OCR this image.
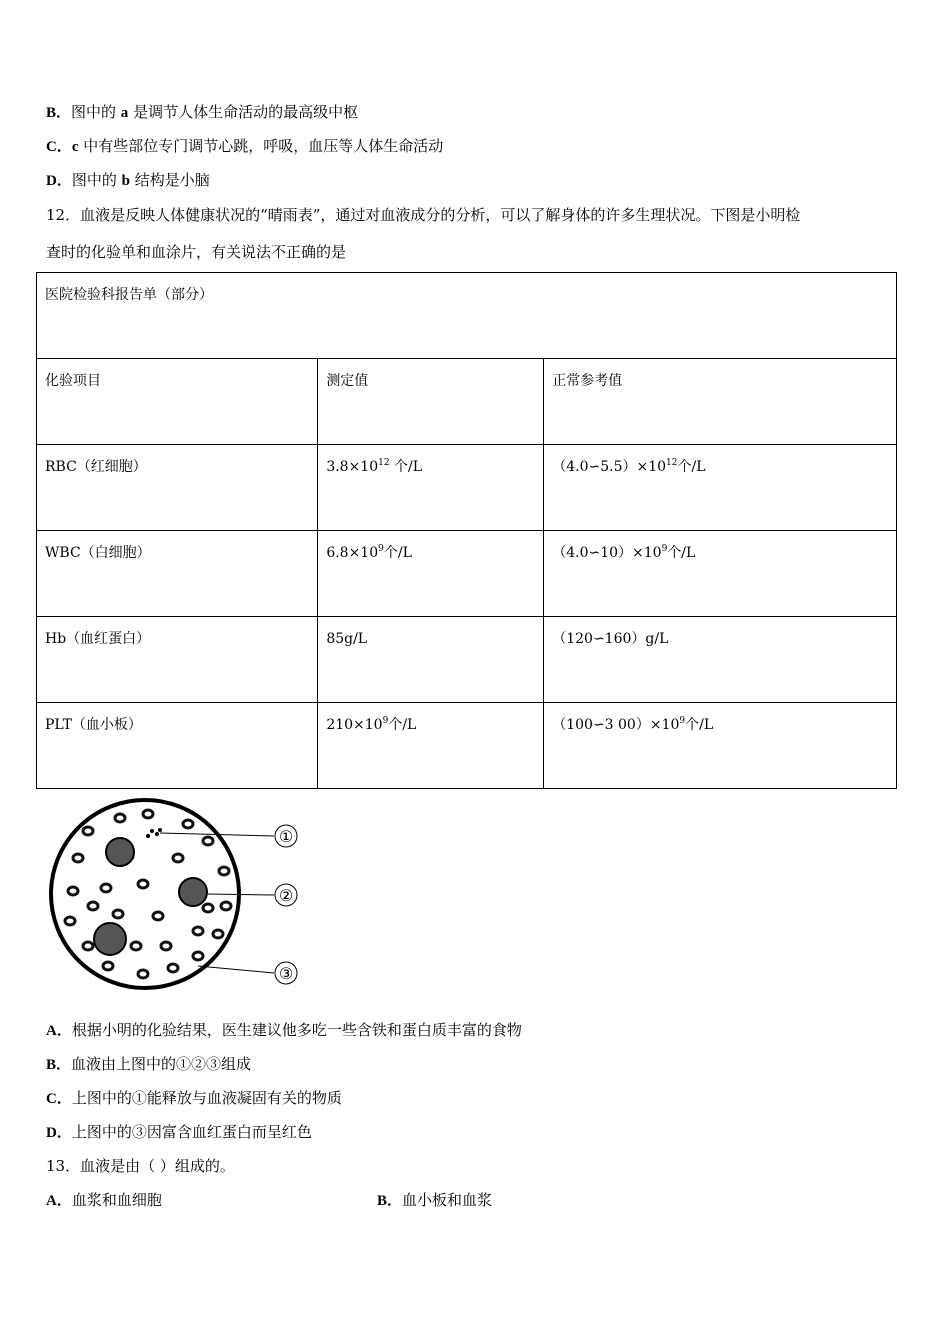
B．图中的 a 是调节人体生命活动的最高级中枢
C．c 中有些部位专门调节心跳，呼吸，血压等人体生命活动
D．图中的 b 结构是小脑
12．血液是反映人体健康状况的“晴雨表”，通过对血液成分的分析，可以了解身体的许多生理状况。下图是小明检
查时的化验单和血涂片，有关说法不正确的是
医院检验科报告单（部分）		
化验项目	测定值	正常参考值
RBC（红细胞）	$3.8\times 10^{12}$ 个/L	$(4.0∽5.5)\times 10^{12}$个/L
WBC（白细胞）	$6.8\times 10^9$个/L	$(4.0∽10)\times 10^9$个/L
Hb（血红蛋白）	85g/L	（120∽160）g/L
PLT（血小板）	$210\times 10^9$个/L	（100∽3 $00)\times 10^9$个/L
①
②
③
A．根据小明的化验结果，医生建议他多吃一些含铁和蛋白质丰富的食物
B．血液由上图中的①②③组成
C．上图中的①能释放与血液凝固有关的物质
D．上图中的③因富含血红蛋白而呈红色
13．血液是由（ ）组成的。
A．血浆和血细胞	B．血小板和血浆
